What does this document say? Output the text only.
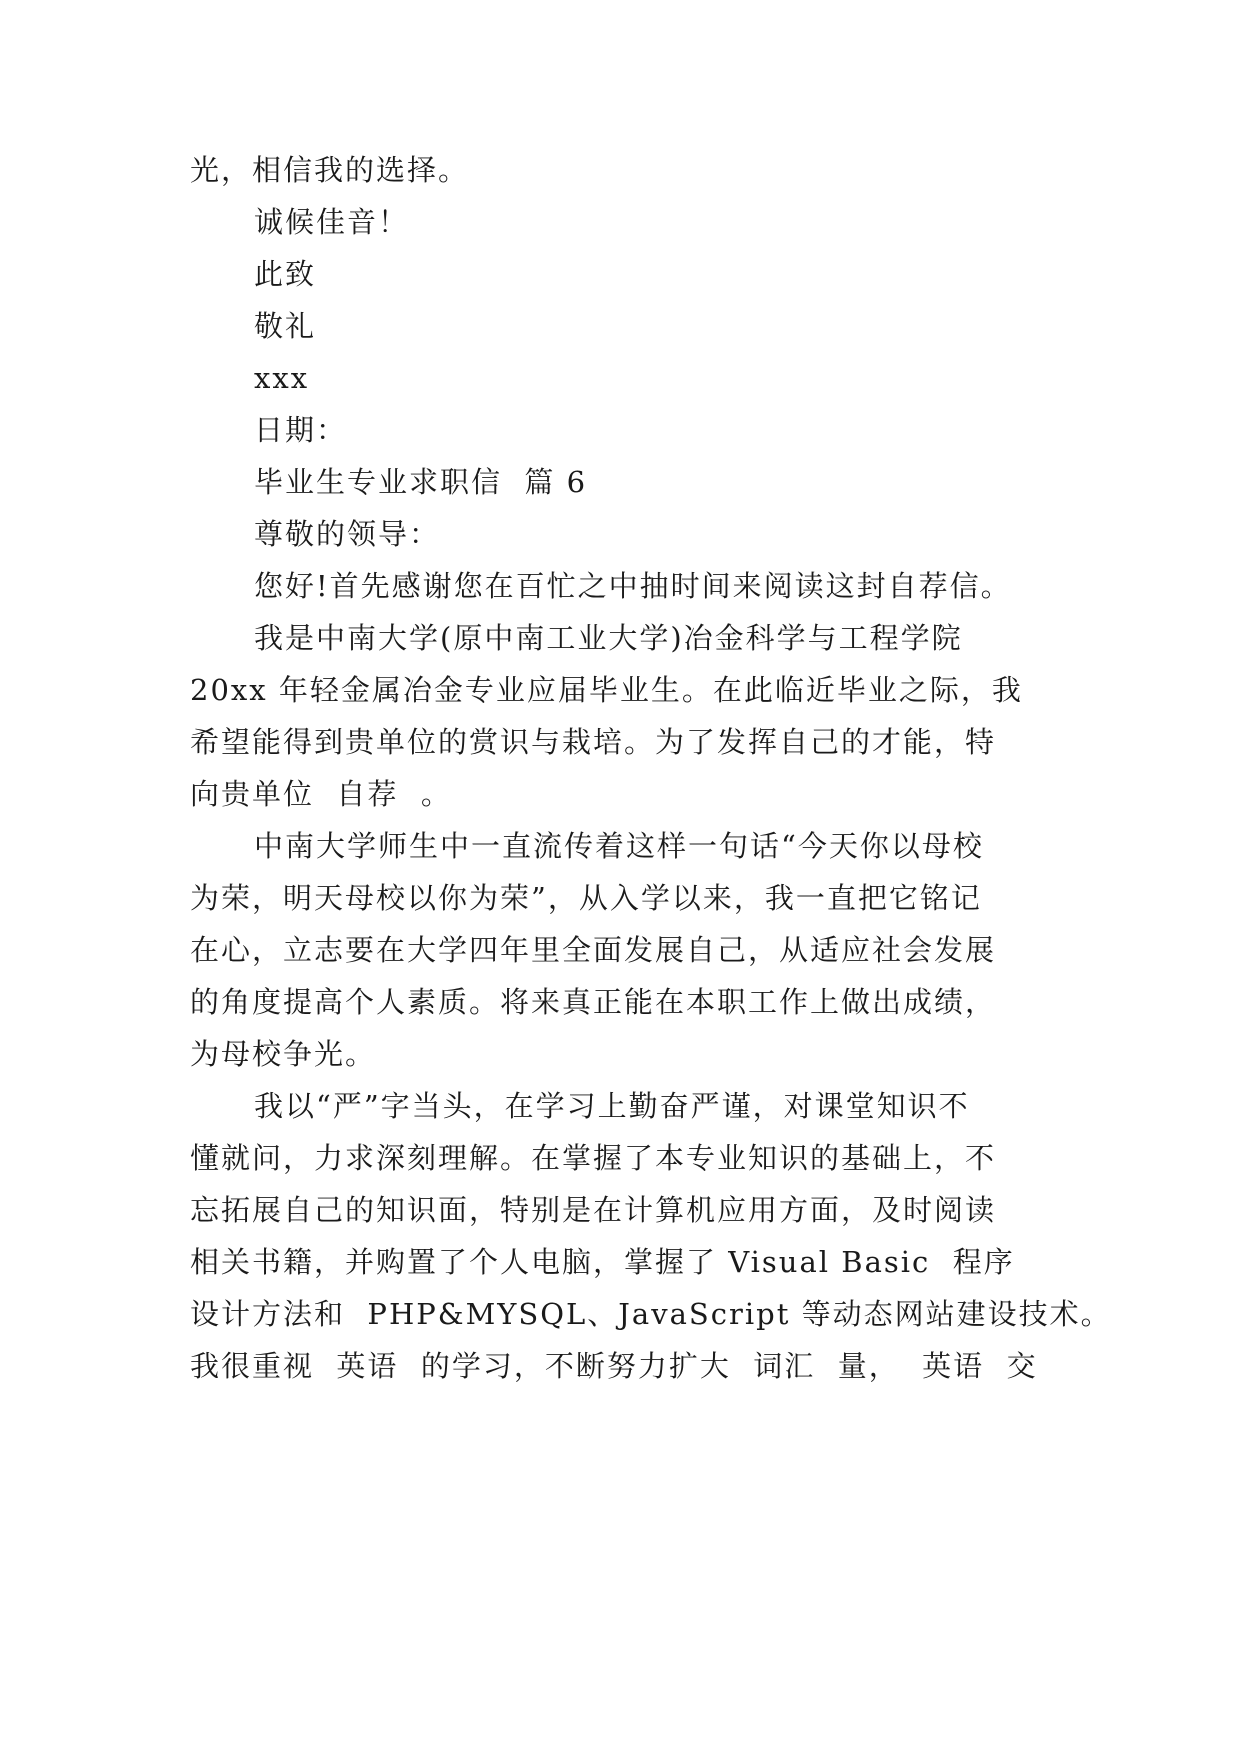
光，相信我的选择。

诚候佳音！

此致

敬礼

xxx

日期：

毕业生专业求职信  篇 6

尊敬的领导：

您好!首先感谢您在百忙之中抽时间来阅读这封自荐信。

我是中南大学(原中南工业大学)冶金科学与工程学院

20xx 年轻金属冶金专业应届毕业生。在此临近毕业之际，我

希望能得到贵单位的赏识与栽培。为了发挥自己的才能，特

向贵单位  自荐  。

中南大学师生中一直流传着这样一句话“今天你以母校

为荣，明天母校以你为荣”，从入学以来，我一直把它铭记

在心，立志要在大学四年里全面发展自己，从适应社会发展

的角度提高个人素质。将来真正能在本职工作上做出成绩，

为母校争光。

我以“严”字当头，在学习上勤奋严谨，对课堂知识不

懂就问，力求深刻理解。在掌握了本专业知识的基础上，不

忘拓展自己的知识面，特别是在计算机应用方面，及时阅读

相关书籍，并购置了个人电脑，掌握了 Visual Basic  程序

设计方法和  PHP&MYSQL、JavaScript 等动态网站建设技术。

我很重视  英语  的学习，不断努力扩大  词汇  量，  英语  交
